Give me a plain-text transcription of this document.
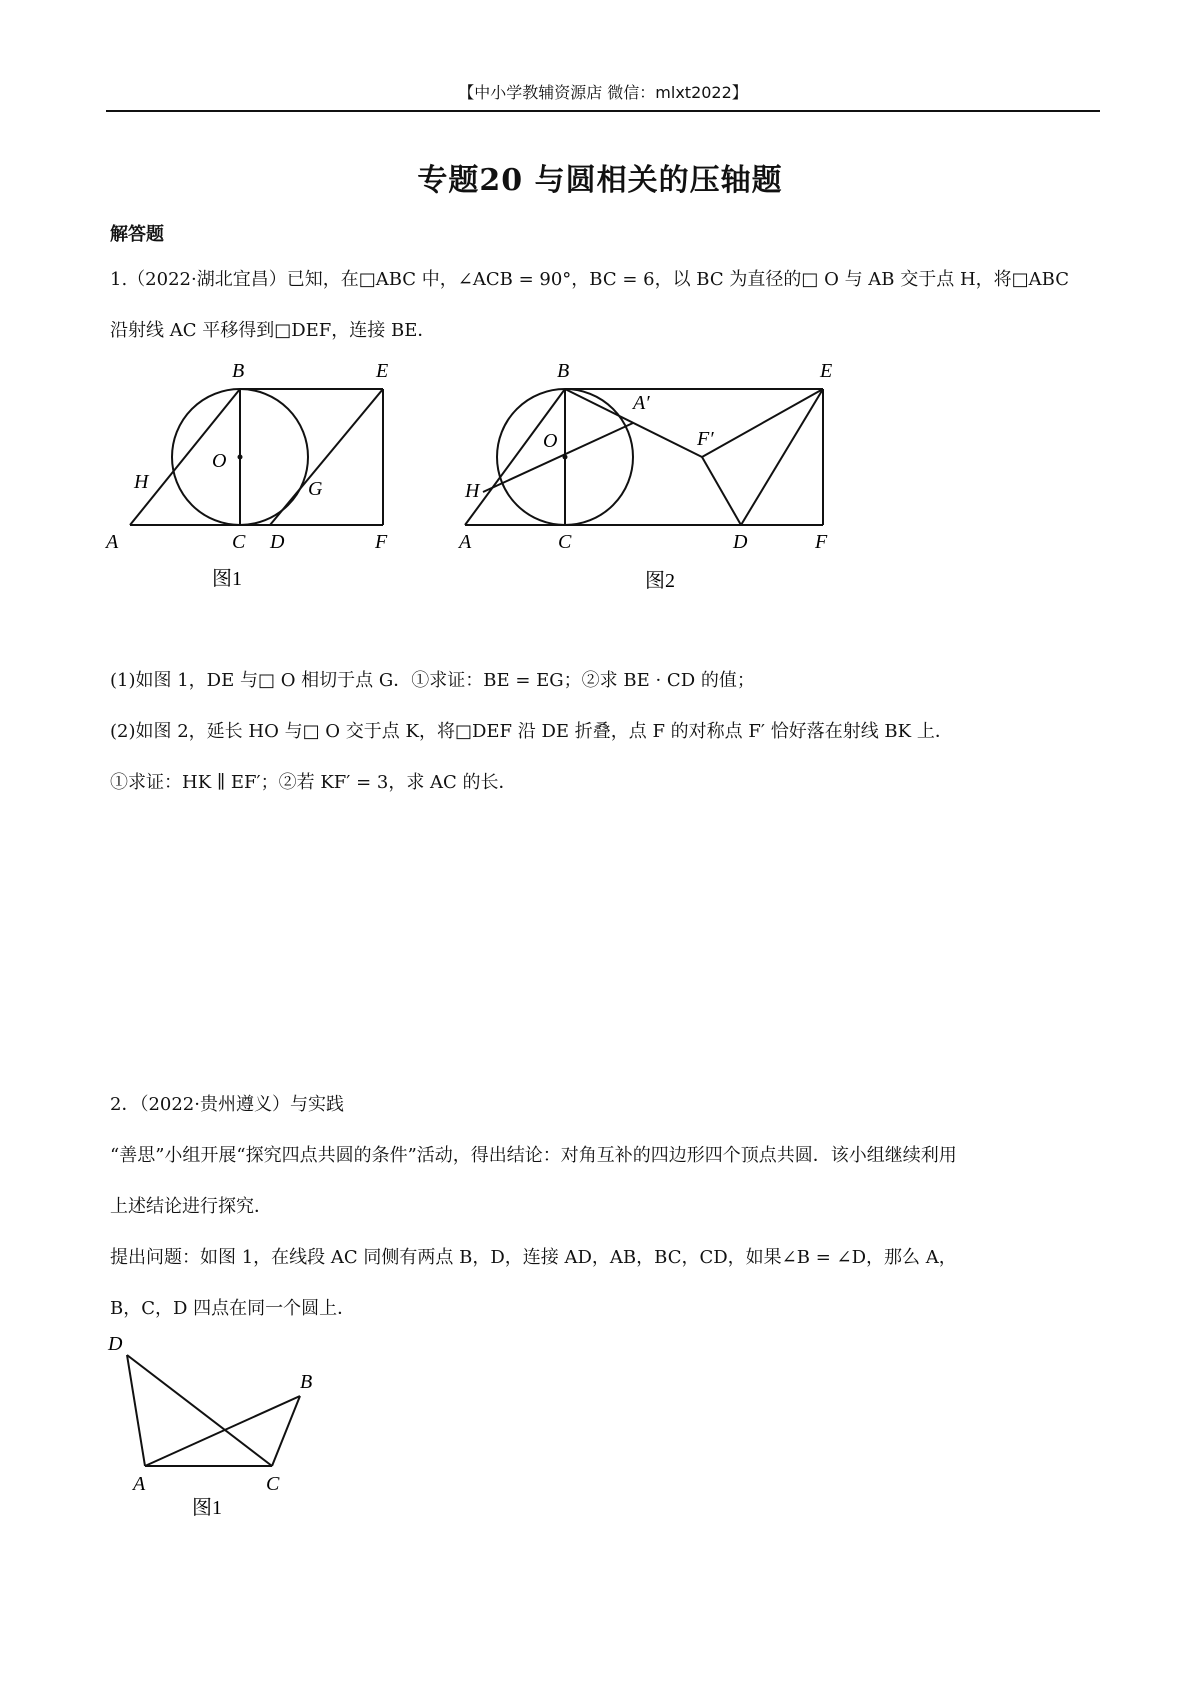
【中小学教辅资源店 微信：mlxt2022】
专题20 与圆相关的压轴题
解答题
1.（2022·湖北宜昌）已知，在□ABC 中，∠ACB = 90°，BC = 6，以 BC 为直径的□ O 与 AB 交于点 H，将□ABC
沿射线 AC 平移得到□DEF，连接 BE．
B	E
O
H	G
A	C D	F
图1
B	E
A′
F′
O
H
A	C	D	F
图2
(1)如图 1，DE 与□ O 相切于点 G．①求证：BE = EG；②求 BE · CD 的值；
(2)如图 2，延长 HO 与□ O 交于点 K，将□DEF 沿 DE 折叠，点 F 的对称点 F′ 恰好落在射线 BK 上．
①求证：HK ∥ EF′；②若 KF′ = 3，求 AC 的长．
2．（2022·贵州遵义）与实践
“善思”小组开展“探究四点共圆的条件”活动，得出结论：对角互补的四边形四个顶点共圆．该小组继续利用
上述结论进行探究．
提出问题：如图 1，在线段 AC 同侧有两点 B，D，连接 AD，AB，BC，CD，如果∠B = ∠D，那么 A，
B，C，D 四点在同一个圆上．
D
B
A	C
图1
